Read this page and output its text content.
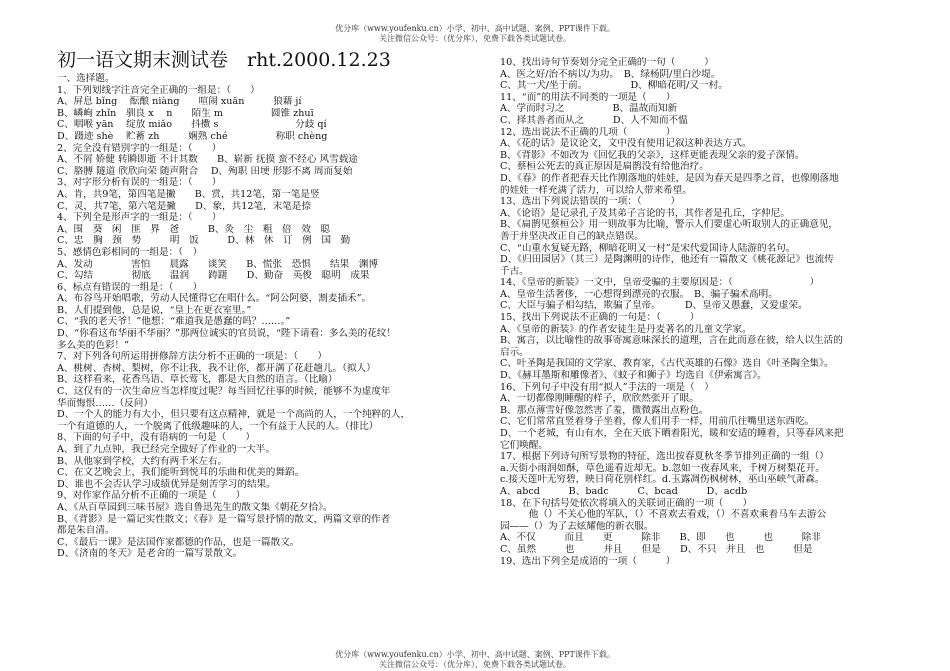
优分库（www.youfenku.cn）小学、初中、高中试题、案例、PPT课件下载。
关注微信公众号：（优分库），免费下载各类试题试卷。
初一语文期末测试卷　rht.2000.12.23
一、选择题。
1、下列划线字注音完全正确的一组是：（　　）
A、屏息 bǐng　 酝酿 niàng　　喧闹 xuān　　　狼藉 jí
B、嶙峋 zhǐn　驯良 x　 n　　陌生 m　　　　　圆锥 zhuī
C、咽喉 yān　 绽放 miǎo　　抖擞 s　　　　　　　　分歧 qí
D、蹑迹 shè　 贮蓄 zh　　　娴熟 ché　　　　　称职 chèng
2、完全没有错别字的一组是：（　　）
A、不屑 娇健 转瞬即逝 不计其数　　B、崭新 抚摸 蛮不经心 风雪载途
C、胳膊 隧道 欣欣向荣 随声附合　 D、殉职 田埂 形影不离 周而复始
3、对字形分析有误的一组是：（　　）
A、肯，共9笔，第四笔是撇　　B、赏，共12笔，第一笔是竖
C、灵，共7笔，第六笔是撇　　D、象，共12笔，末笔是捺
4、下列全是形声字的一组是：（　　）
A、围　葵　闲　匪　界　爸　　　B、灸　尘　粗　倍　效　聪
C、忠　胸　颈　势　　　明　饭　　　D、林　休　订　例　国　勤
5、感情色彩相同的一组是：（　）
A、发动　　　　害怕　　晨露　　谈笑　　B、慌张　恐惧　　结果　渊博
C、勾结　　　　彻底　　温润　　踌躇　　D、勤奋　英俊　聪明　成果
6、标点有错误的一组是：（　　）
A、布谷鸟开始唱歌，劳动人民懂得它在唱什么。“阿公阿婆，割麦插禾”。
B、人们提到他，总是说，“皇上在更衣室里。”
C、“我的老天爷！”他想：“难道我是愚蠢的吗？……。”
D、“你看这布华丽不华丽？”那两位诚实的官员说，“陛下请看：多么美的花纹！
多么美的色彩！”
7、对下列各句所运用拼修辞方法分析不正确的一项是：（　　）
A、桃树、杏树、梨树，你不让我，我不让你，都开满了花赶趟儿。（拟人）
B、这样看来，花香鸟语、草长莺飞，都是大自然的语言。（比喻）
C、这仅有的一次生命应当怎样度过呢？每当回忆往事的时候，能够不为虚度年
华而悔恨……（反问）
D、一个人的能力有大小，但只要有这点精神，就是一个高尚的人，一个纯粹的人，
一个有道德的人，一个脱离了低级趣味的人，一个有益于人民的人。（排比）
8、下面的句子中，没有语病的一句是（　　）
A、到了九点钟，我已经完全做好了作业的一大半。
B、从他家到学校，大约有两千米左右。
C、在文艺晚会上，我们能听到悦耳的乐曲和优美的舞蹈。
D、谁也不会否认学习成绩优异是刻苦学习的结果。
9、对作家作品分析不正确的一项是（　　）
A、《从百草园到三味书屋》选自鲁迅先生的散文集《朝花夕拾》。
B、《背影》是一篇记实性散文；《春》是一篇写景抒情的散文，两篇文章的作者
都是朱自清。
C、《最后一课》是法国作家都德的作品，也是一篇散文。
D、《济南的冬天》是老舍的一篇写景散文。
10、找出诗句节奏划分完全正确的一句（　　　）
A、医之好/治不病以/为功。　B、绿杨阴/里白沙堤。
C、其一犬/坐于前。　　　　　D、柳暗花明/又一村。
11、“而”的用法不同类的一项是（　　）
A、学而时习之　　　　　B、温故而知新
C、择其善者而从之　　　D、人不知而不愠
12、选出说法不正确的几项（　　　　）
A、《花的话》是议论文，文中没有使用记叙这种表达方式。
B、《背影》不如改为《回忆我的父亲》，这样更能表现父亲的爱子深情。
C、蔡桓公死去的真正原因是扁鹊没有给他治疗。
D、《春》的作者把春天比作刚落地的娃娃，是因为春天是四季之首，也像刚落地
的娃娃一样充满了活力，可以给人带来希望。
13、选出下列说法错误的一项：（　　　）
A、《论语》是记录孔子及其弟子言论的书，其作者是孔丘，字仲尼。
B、《扁鹊见蔡桓公》用一则故事为比喻，警示人们要虚心听取别人的正确意见，
善于并坚决改正自己的缺点错误。
C、“山重水复疑无路，柳暗花明又一村”是宋代爱国诗人陆游的名句。
D、《归田园居》（其三）是陶渊明的诗作，他还有一篇散文《桃花源记》也流传
千古。
14、《皇帝的新装》一文中，皇帝受骗的主要原因是：（　　　　　　　　）
A、皇帝生活奢侈，一心想得到漂亮的衣服。　B、骗子骗术高明。
C、大臣与骗子相勾结，欺骗了皇帝。　　　D、皇帝又愚蠢，又爱虚荣。
15、找出下列说法不正确的一句是：（　　　）
A、《皇帝的新装》的作者安徒生是丹麦著名的儿童文学家。
B、寓言，以比喻性的故事寄寓意味深长的道理，言在此而意在彼，给人以生活的
启示。
C、叶圣陶是我国的文学家、教育家，《古代英雄的石像》选自《叶圣陶全集》。
D、《赫耳墨斯和雕像者》、《蚊子和狮子》均选自《伊索寓言》。
16、下列句子中没有用“拟人”手法的一项是（　）
A、一切都像刚睡醒的样子，欣欣然张开了眼。
B、那点薄雪好像忽然害了羞，微微露出点粉色。
C、它们常常直竖着身子坐着，像人们用手一样，用前爪往嘴里送东西吃。
D、一个老城，有山有水，全在天底下晒着阳光，暖和安适的睡着，只等春风来把
它们唤醒。
17、根据下列诗句所写景物的特征，选出按春夏秋冬季节排列正确的一组（）
a.天街小雨润如酥，草色遥看近却无。b.忽如一夜春风来，千树万树梨花开。
c.接天莲叶无穷碧，映日荷花别样红。d.玉露凋伤枫树林，巫山巫峡气萧森。
A、abcd　　　B、badc　　　C、bcad　　　D、acdb
18、在下句括号处依次将填入的关联词正确的一项（　　）
　　　他（）不关心他的军队，（）不喜欢去看戏，（）不喜欢乘着马车去游公
园——（）为了去炫耀他的新衣服。
A、不仅　　　而且　　更　　　除非　　B、即　　也　　　也　　　除非
C、虽然　　　也　　　并且　　但是　　D、不只　并且　也　　　但是
19、选出下列全是成语的一项（　　　）
优分库（www.youfenku.cn）小学、初中、高中试题、案例、PPT课件下载。
关注微信公众号：（优分库），免费下载各类试题试卷。
